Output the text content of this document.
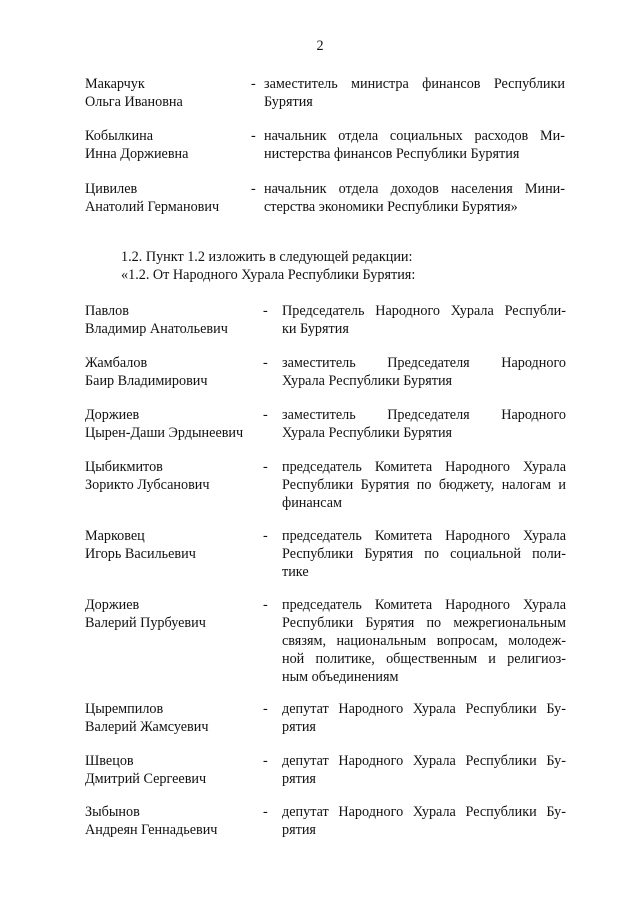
2
Макарчук
Ольга Ивановна
- заместитель министра финансов Республики
Бурятия
Кобылкина
Инна Доржиевна
- начальник отдела социальных расходов Ми-
нистерства финансов Республики Бурятия
Цивилев
Анатолий Германович
- начальник отдела доходов населения Мини-
стерства экономики Республики Бурятия»
1.2. Пункт 1.2 изложить в следующей редакции:
«1.2. От Народного Хурала Республики Бурятия:
Павлов
Владимир Анатольевич
- Председатель Народного Хурала Республи-
ки Бурятия
Жамбалов
Баир Владимирович
- заместитель Председателя Народного
Хурала Республики Бурятия
Доржиев
Цырен-Даши Эрдынеевич
- заместитель Председателя Народного
Хурала Республики Бурятия
Цыбикмитов
Зорикто Лубсанович
- председатель Комитета Народного Хурала
Республики Бурятия по бюджету, налогам и
финансам
Марковец
Игорь Васильевич
- председатель Комитета Народного Хурала
Республики Бурятия по социальной поли-
тике
Доржиев
Валерий Пурбуевич
- председатель Комитета Народного Хурала
Республики Бурятия по межрегиональным
связям, национальным вопросам, молодеж-
ной политике, общественным и религиоз-
ным объединениям
Цыремпилов
Валерий Жамсуевич
- депутат Народного Хурала Республики Бу-
рятия
Швецов
Дмитрий Сергеевич
- депутат Народного Хурала Республики Бу-
рятия
Зыбынов
Андреян Геннадьевич
- депутат Народного Хурала Республики Бу-
рятия
